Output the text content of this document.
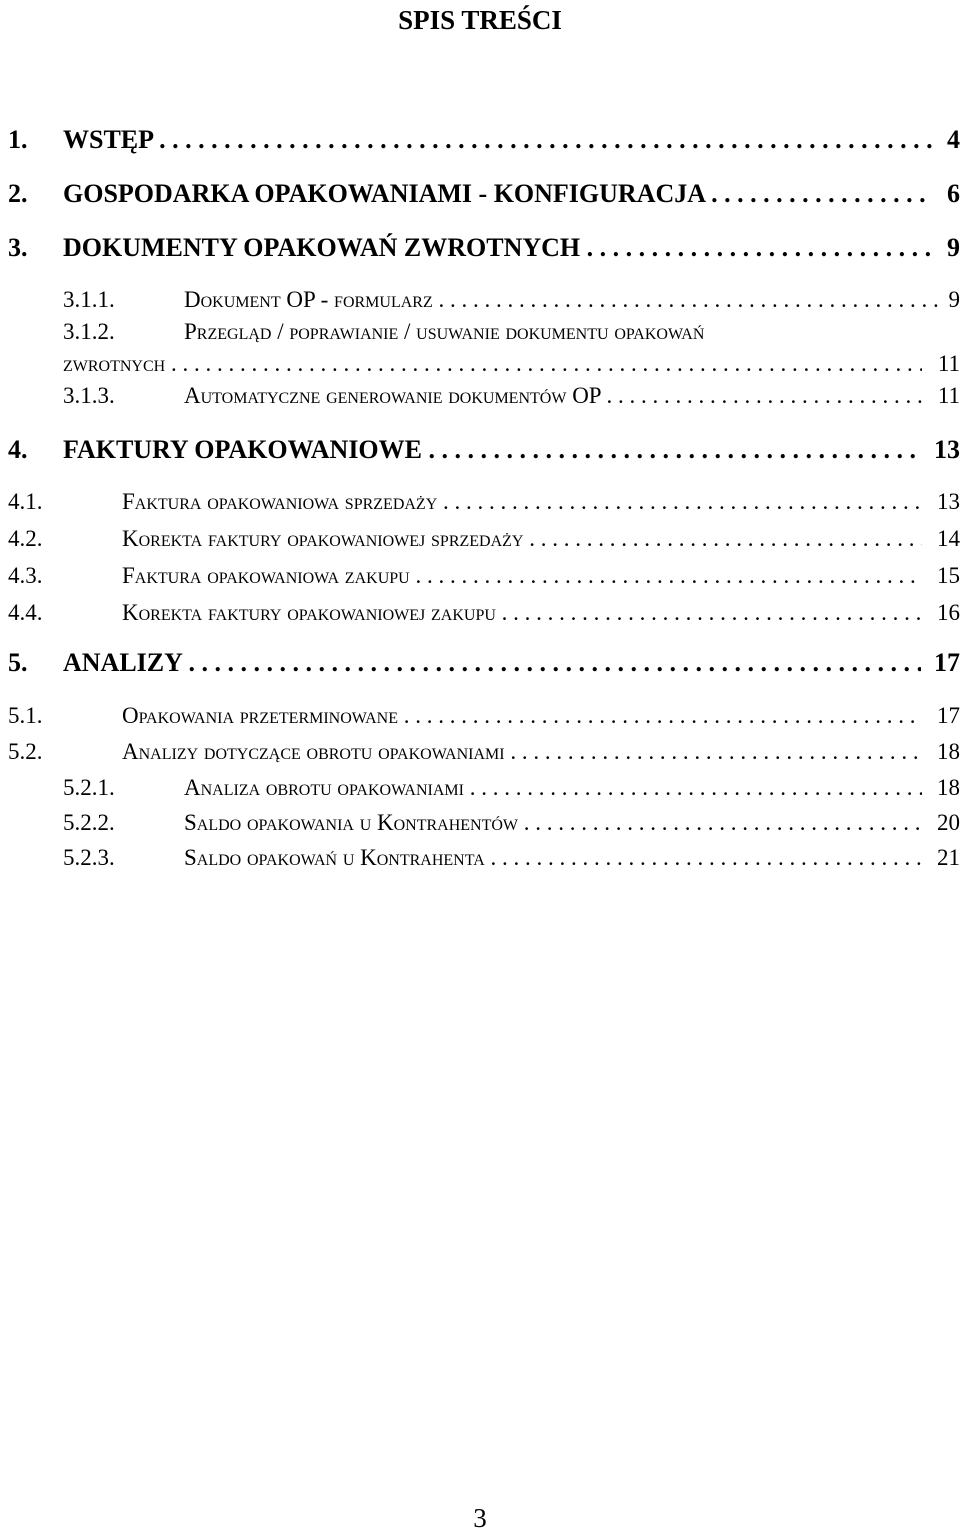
SPIS TREŚCI
1. WSTĘP . . .	4
2. GOSPODARKA OPAKOWANIAMI - KONFIGURACJA . . .	6
3. DOKUMENTY OPAKOWAŃ ZWROTNYCH . . .	9
3.1.1.	Dokument OP - formularz . . .	9
3.1.2.	Przegląd / poprawianie / usuwanie dokumentu opakowań
zwrotnych . . .	11
3.1.3.	Automatyczne generowanie dokumentów OP . . .	11
4. FAKTURY OPAKOWANIOWE . . .	13
4.1.	Faktura opakowaniowa sprzedaży . . .	13
4.2.	Korekta faktury opakowaniowej sprzedaży . . .	14
4.3.	Faktura opakowaniowa zakupu . . .	15
4.4.	Korekta faktury opakowaniowej zakupu . . .	16
5. ANALIZY . . .	17
5.1.	Opakowania przeterminowane . . .	17
5.2.	Analizy dotyczące obrotu opakowaniami . . .	18
5.2.1.	Analiza obrotu opakowaniami . . .	18
5.2.2.	Saldo opakowania u Kontrahentów . . .	20
5.2.3.	Saldo opakowań u Kontrahenta . . .	21
3
